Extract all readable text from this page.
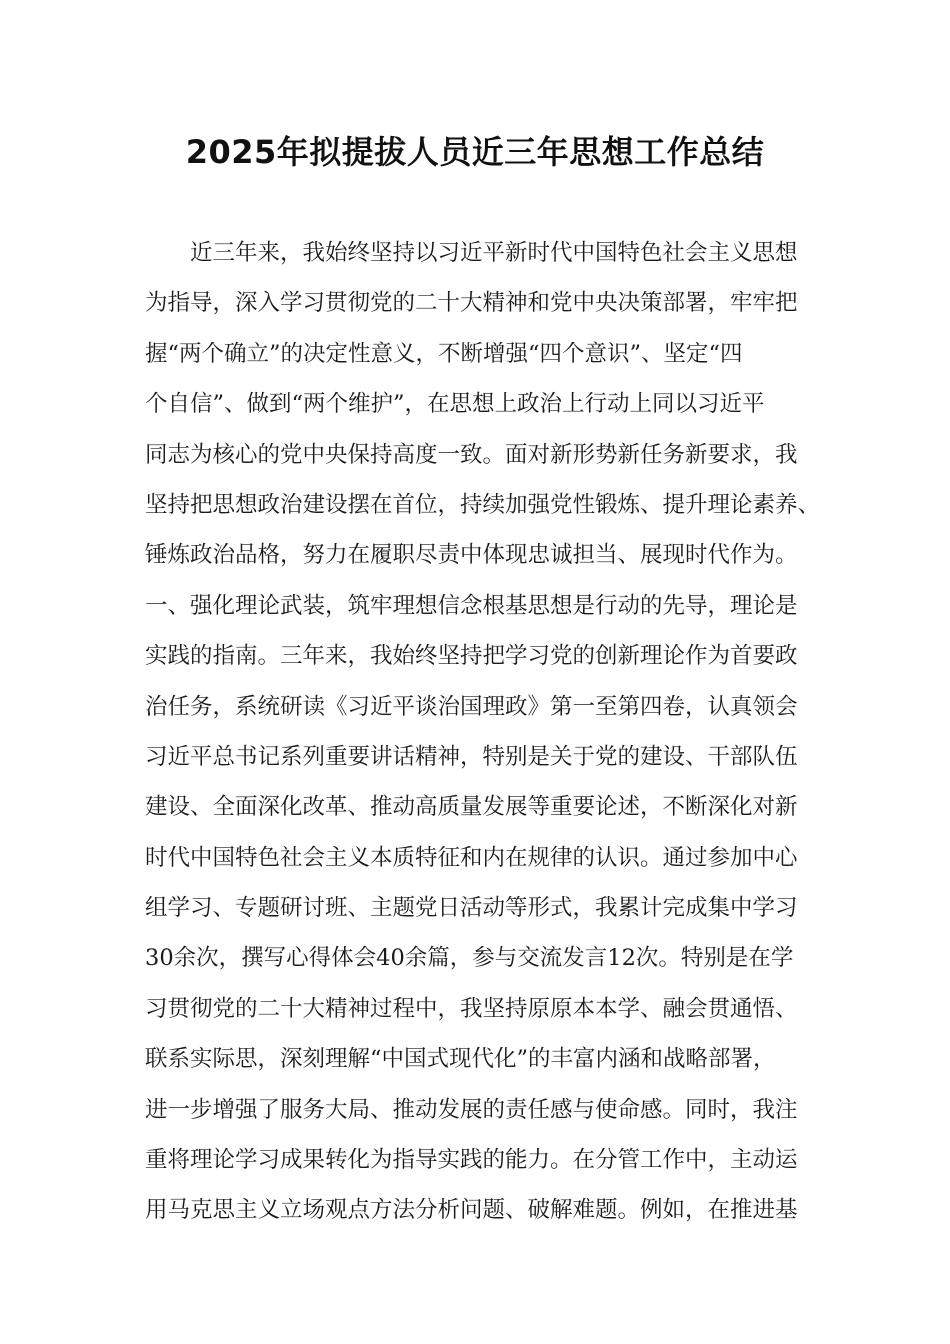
2025年拟提拔人员近三年思想工作总结
近三年来，我始终坚持以习近平新时代中国特色社会主义思想
为指导，深入学习贯彻党的二十大精神和党中央决策部署，牢牢把
握“两个确立”的决定性意义，不断增强“四个意识”、坚定“四
个自信”、做到“两个维护”，在思想上政治上行动上同以习近平
同志为核心的党中央保持高度一致。面对新形势新任务新要求，我
坚持把思想政治建设摆在首位，持续加强党性锻炼、提升理论素养、
锤炼政治品格，努力在履职尽责中体现忠诚担当、展现时代作为。
一、强化理论武装，筑牢理想信念根基思想是行动的先导，理论是
实践的指南。三年来，我始终坚持把学习党的创新理论作为首要政
治任务，系统研读《习近平谈治国理政》第一至第四卷，认真领会
习近平总书记系列重要讲话精神，特别是关于党的建设、干部队伍
建设、全面深化改革、推动高质量发展等重要论述，不断深化对新
时代中国特色社会主义本质特征和内在规律的认识。通过参加中心
组学习、专题研讨班、主题党日活动等形式，我累计完成集中学习
30余次，撰写心得体会40余篇，参与交流发言12次。特别是在学
习贯彻党的二十大精神过程中，我坚持原原本本学、融会贯通悟、
联系实际思，深刻理解“中国式现代化”的丰富内涵和战略部署，
进一步增强了服务大局、推动发展的责任感与使命感。同时，我注
重将理论学习成果转化为指导实践的能力。在分管工作中，主动运
用马克思主义立场观点方法分析问题、破解难题。例如，在推进基
